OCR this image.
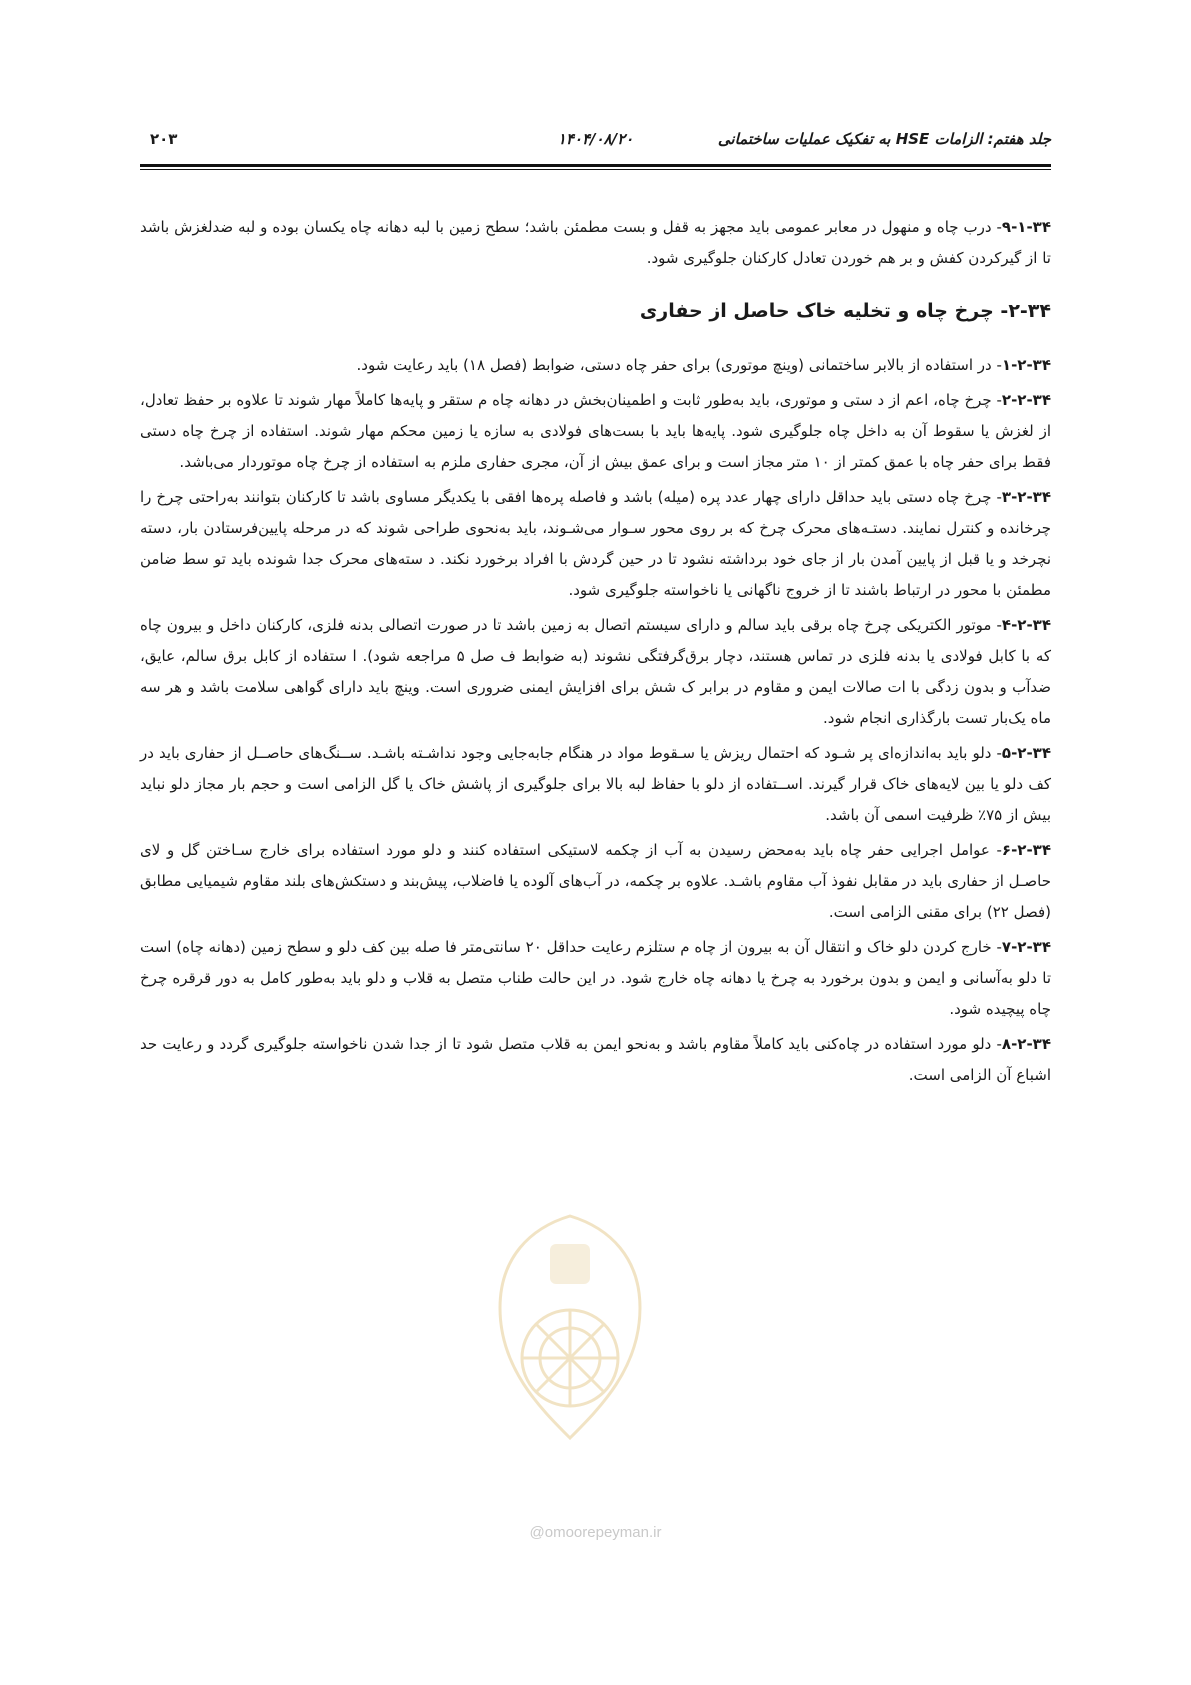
جلد هفتم: الزامات HSE به تفکیک عملیات ساختمانی
۱۴۰۴/۰۸/۲۰
۲۰۳

۹-۱-۳۴- درب چاه و منهول در معابر عمومی باید مجهز به قفل و بست مطمئن باشد؛ سطح زمین با لبه دهانه چاه یکسان بوده و لبه ضدلغزش باشد تا از گیرکردن کفش و بر هم خوردن تعادل کارکنان جلوگیری شود.

۲-۳۴- چرخ چاه و تخلیه خاک حاصل از حفاری

۱-۲-۳۴- در استفاده از بالابر ساختمانی (وینچ موتوری) برای حفر چاه دستی، ضوابط (فصل ۱۸) باید رعایت شود.

۲-۲-۳۴- چرخ چاه، اعم از د ستی و موتوری، باید به‌طور ثابت و اطمینان‌بخش در دهانه چاه م ستقر و پایه‌ها کاملاً مهار شوند تا علاوه بر حفظ تعادل، از لغزش یا سقوط آن به داخل چاه جلوگیری شود. پایه‌ها باید با بست‌های فولادی به سازه یا زمین محکم مهار شوند. استفاده از چرخ چاه دستی فقط برای حفر چاه با عمق کمتر از ۱۰ متر مجاز است و برای عمق بیش از آن، مجری حفاری ملزم به استفاده از چرخ چاه موتوردار می‌باشد.

۳-۲-۳۴- چرخ چاه دستی باید حداقل دارای چهار عدد پره (میله) باشد و فاصله پره‌ها افقی با یکدیگر مساوی باشد تا کارکنان بتوانند به‌راحتی چرخ را چرخانده و کنترل نمایند. دستـه‌های محرک چرخ که بر روی محور سـوار می‌شـوند، باید به‌نحوی طراحی شوند که در مرحله پایین‌فرستادن بار، دسته نچرخد و یا قبل از پایین آمدن بار از جای خود برداشته نشود تا در حین گردش با افراد برخورد نکند. د سته‌های محرک جدا شونده باید تو سط ضامن مطمئن با محور در ارتباط باشند تا از خروج ناگهانی یا ناخواسته جلوگیری شود.

۴-۲-۳۴- موتور الکتریکی چرخ چاه برقی باید سالم و دارای سیستم اتصال به زمین باشد تا در صورت اتصالی بدنه فلزی، کارکنان داخل و بیرون چاه که با کابل فولادی یا بدنه فلزی در تماس هستند، دچار برق‌گرفتگی نشوند (به ضوابط ف صل ۵ مراجعه شود). ا ستفاده از کابل برق سالم، عایق، ضدآب و بدون زدگی با ات صالات ایمن و مقاوم در برابر ک شش برای افزایش ایمنی ضروری است. وینچ باید دارای گواهی سلامت باشد و هر سه ماه یک‌بار تست بارگذاری انجام شود.

۵-۲-۳۴- دلو باید به‌اندازه‌ای پر شـود که احتمال ریزش یا سـقوط مواد در هنگام جابه‌جایی وجود نداشـته باشـد. ســنگ‌های حاصــل از حفاری باید در کف دلو یا بین لایه‌های خاک قرار گیرند. اســتفاده از دلو با حفاظ لبه بالا برای جلوگیری از پاشش خاک یا گل الزامی است و حجم بار مجاز دلو نباید بیش از ۷۵٪ ظرفیت اسمی آن باشد.

۶-۲-۳۴- عوامل اجرایی حفر چاه باید به‌محض رسیدن به آب از چکمه لاستیکی استفاده کنند و دلو مورد استفاده برای خارج سـاختن گل و لای حاصـل از حفاری باید در مقابل نفوذ آب مقاوم باشـد. علاوه بر چکمه، در آب‌های آلوده یا فاضلاب، پیش‌بند و دستکش‌های بلند مقاوم شیمیایی مطابق (فصل ۲۲) برای مقنی الزامی است.

۷-۲-۳۴- خارج کردن دلو خاک و انتقال آن به بیرون از چاه م ستلزم رعایت حداقل ۲۰ سانتی‌متر فا صله بین کف دلو و سطح زمین (دهانه چاه) است تا دلو به‌آسانی و ایمن و بدون برخورد به چرخ یا دهانه چاه خارج شود. در این حالت طناب متصل به قلاب و دلو باید به‌طور کامل به دور قرقره چرخ چاه پیچیده شود.

۸-۲-۳۴- دلو مورد استفاده در چاه‌کنی باید کاملاً مقاوم باشد و به‌نحو ایمن به قلاب متصل شود تا از جدا شدن ناخواسته جلوگیری گردد و رعایت حد اشباع آن الزامی است.

@omoorepeyman.ir
